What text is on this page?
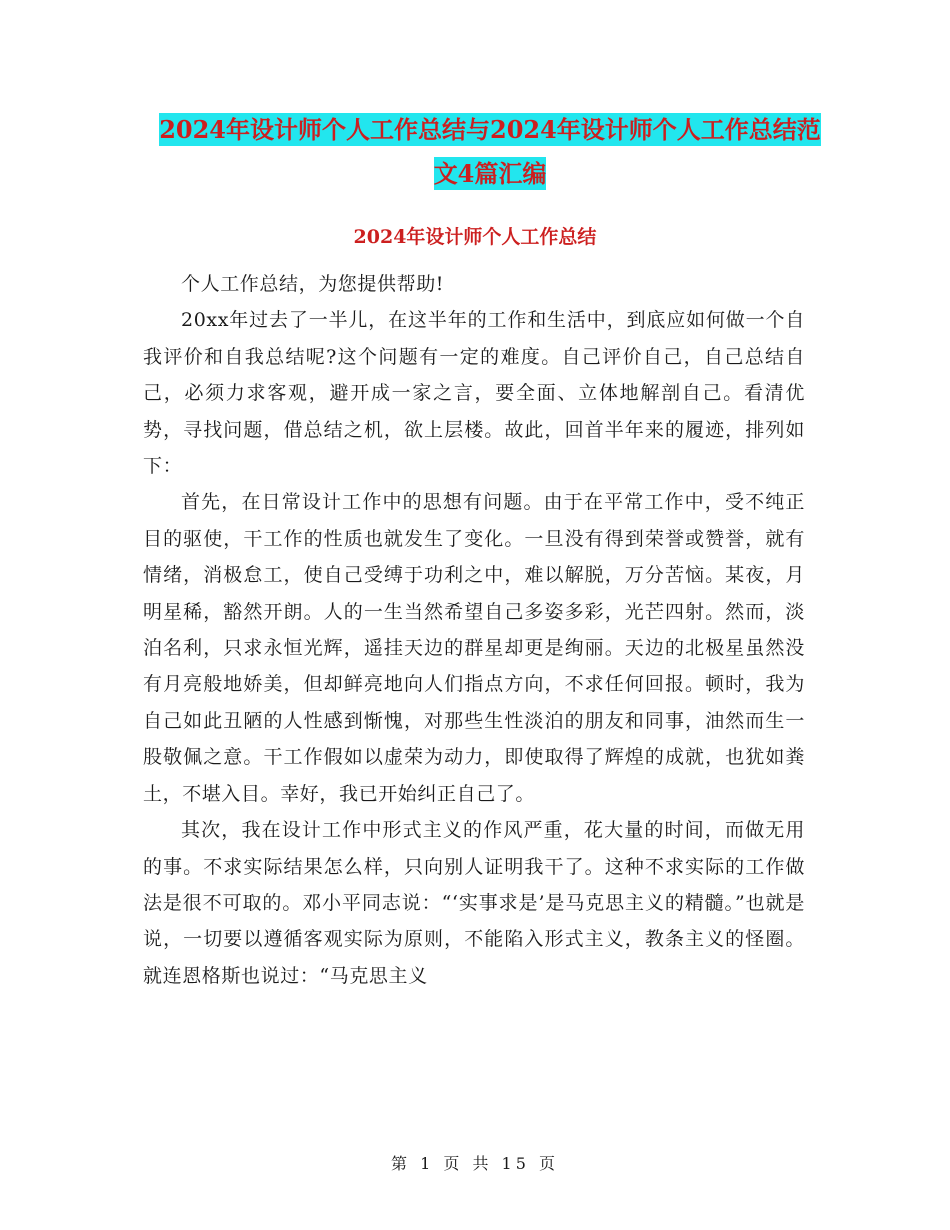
2024年设计师个人工作总结与2024年设计师个人工作总结范文4篇汇编
2024年设计师个人工作总结

个人工作总结，为您提供帮助!

20xx年过去了一半儿，在这半年的工作和生活中，到底应如何做一个自我评价和自我总结呢?这个问题有一定的难度。自己评价自己，自己总结自己，必须力求客观，避开成一家之言，要全面、立体地解剖自己。看清优势，寻找问题，借总结之机，欲上层楼。故此，回首半年来的履迹，排列如下：

首先，在日常设计工作中的思想有问题。由于在平常工作中，受不纯正目的驱使，干工作的性质也就发生了变化。一旦没有得到荣誉或赞誉，就有情绪，消极怠工，使自己受缚于功利之中，难以解脱，万分苦恼。某夜，月明星稀，豁然开朗。人的一生当然希望自己多姿多彩，光芒四射。然而，淡泊名利，只求永恒光辉，遥挂天边的群星却更是绚丽。天边的北极星虽然没有月亮般地娇美，但却鲜亮地向人们指点方向，不求任何回报。顿时，我为自己如此丑陋的人性感到惭愧，对那些生性淡泊的朋友和同事，油然而生一股敬佩之意。干工作假如以虚荣为动力，即使取得了辉煌的成就，也犹如粪土，不堪入目。幸好，我已开始纠正自己了。

其次，我在设计工作中形式主义的作风严重，花大量的时间，而做无用的事。不求实际结果怎么样，只向别人证明我干了。这种不求实际的工作做法是很不可取的。邓小平同志说：“‘实事求是’是马克思主义的精髓。”也就是说，一切要以遵循客观实际为原则，不能陷入形式主义，教条主义的怪圈。就连恩格斯也说过：“马克思主义

第 1 页 共 15 页
